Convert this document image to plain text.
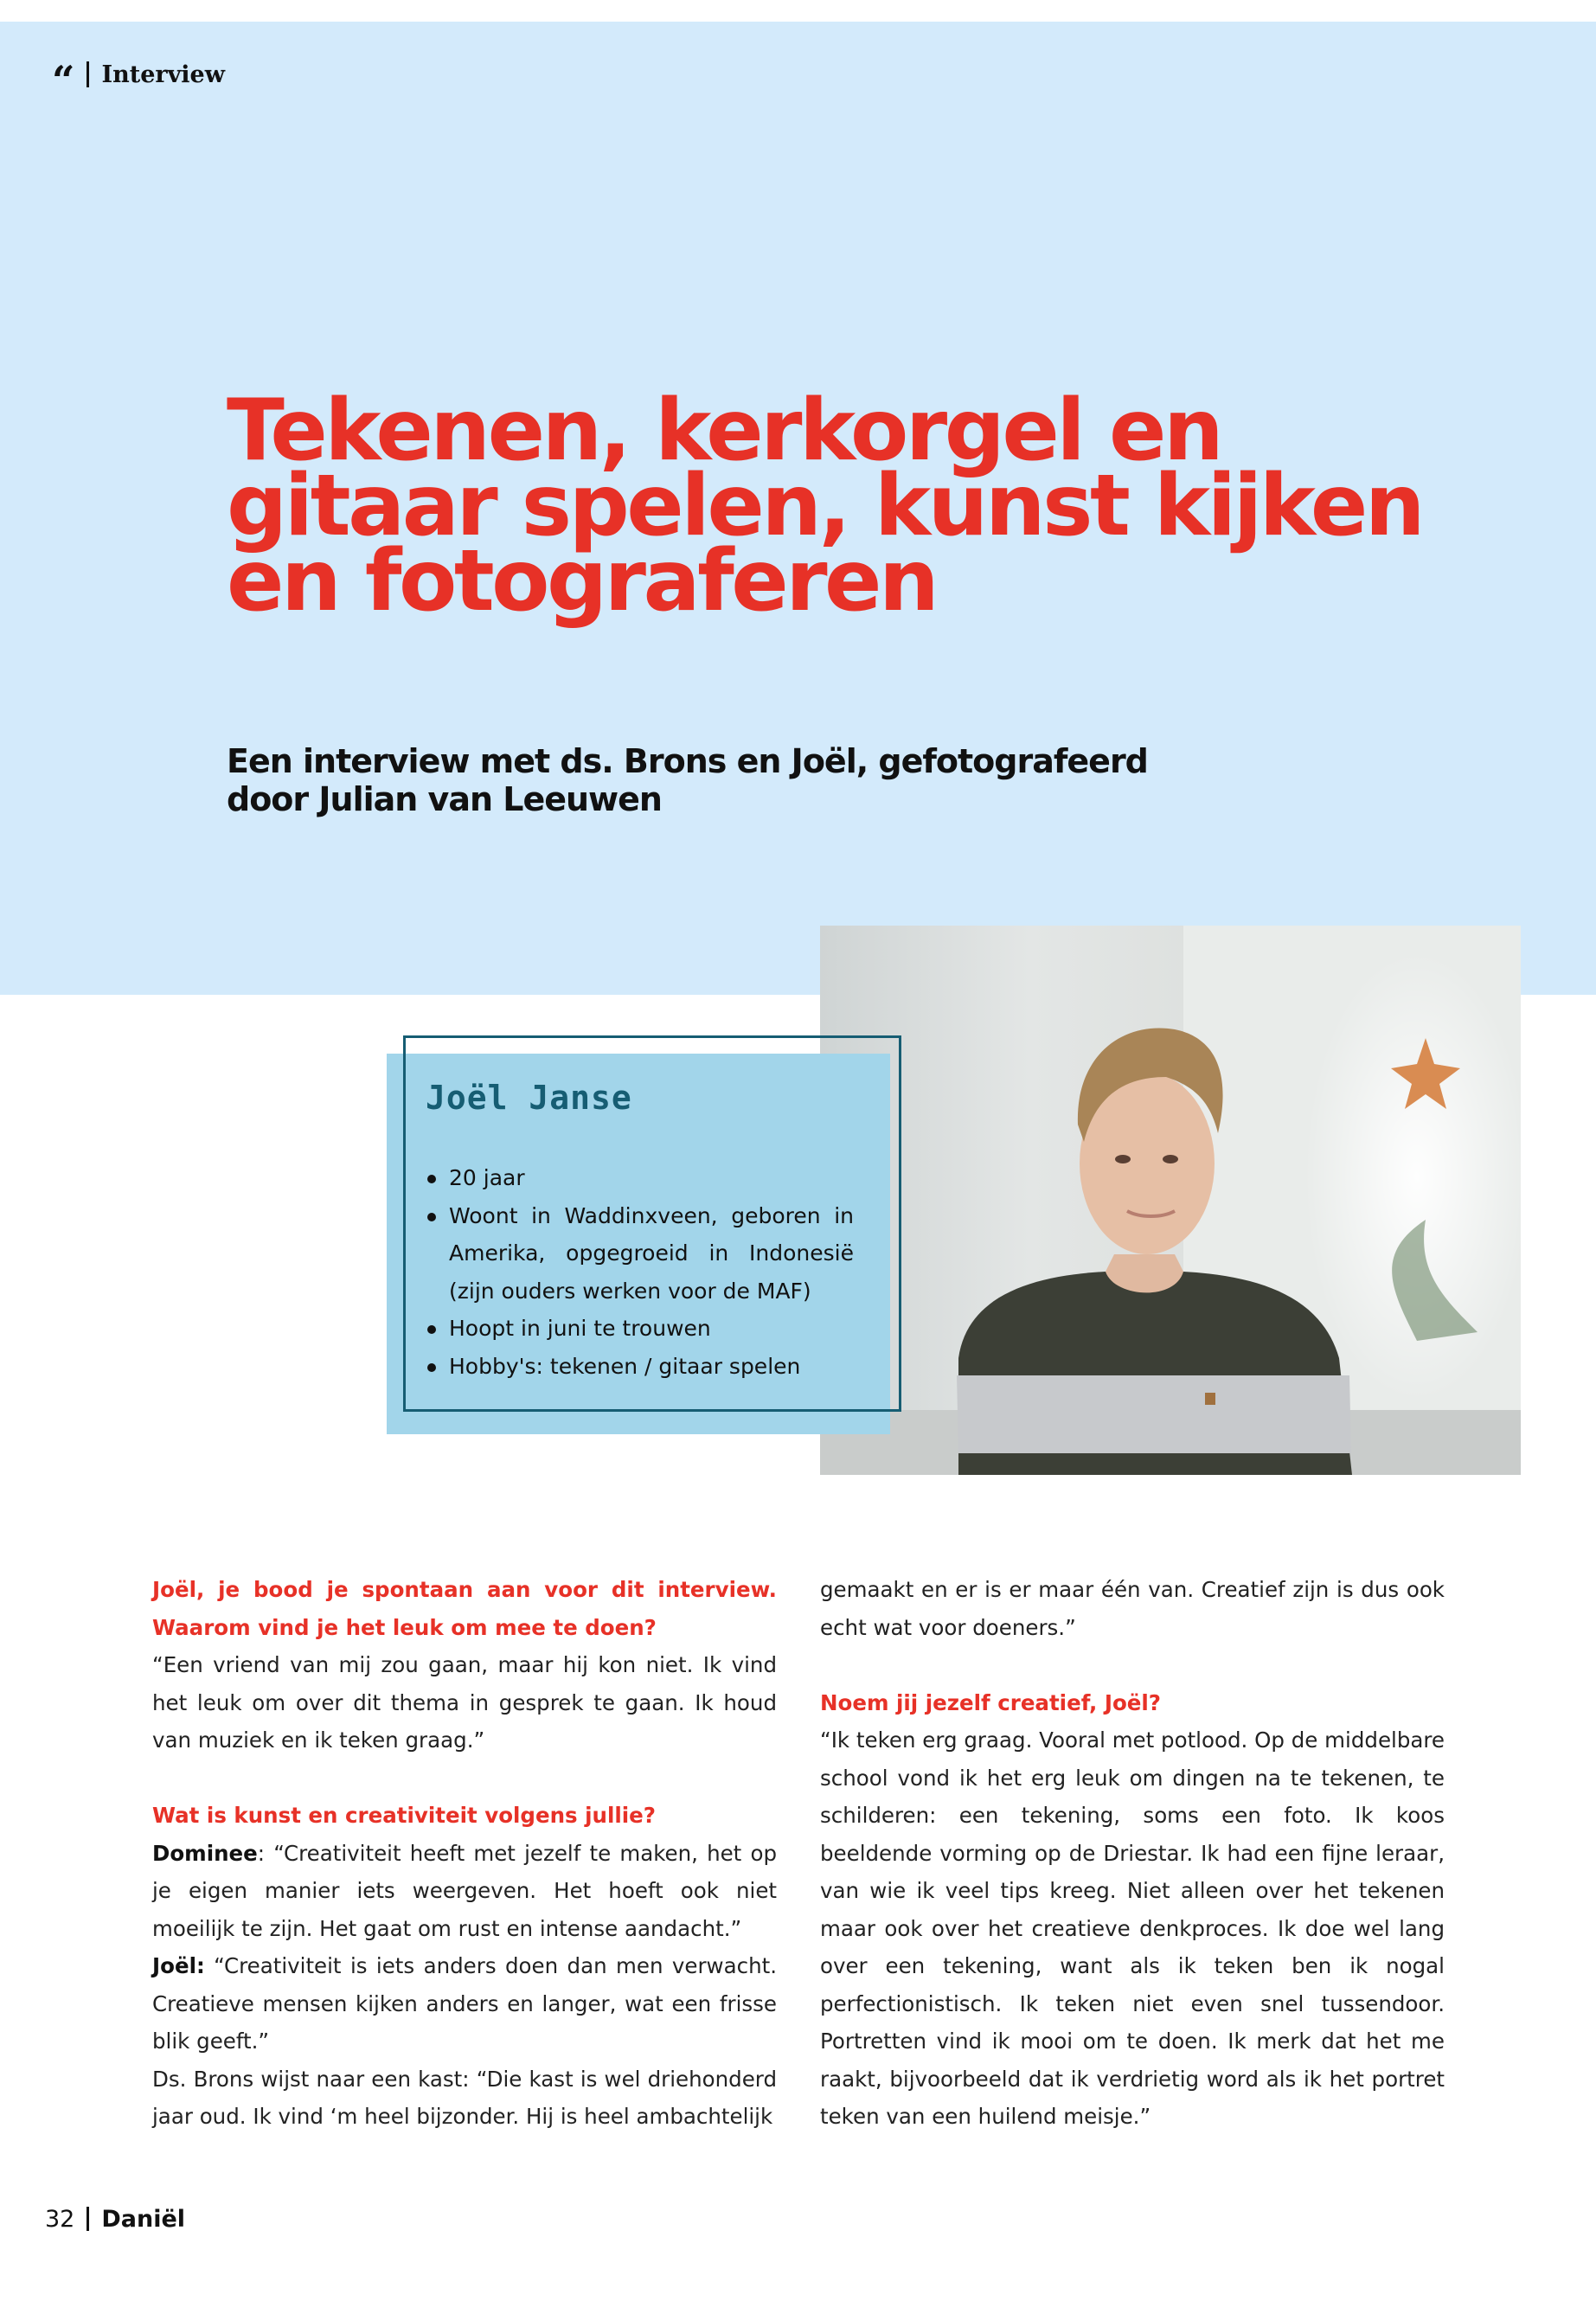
“ Interview
Tekenen, kerkorgel en
gitaar spelen, kunst kijken
en fotograferen
Een interview met ds. Brons en Joël, gefotografeerd
door Julian van Leeuwen
Joël Janse
20 jaar
Woont in Waddinxveen, geboren in Amerika, opgegroeid in Indonesië (zijn ouders werken voor de MAF)
Hoopt in juni te trouwen
Hobby's: tekenen / gitaar spelen

Joël, je bood je spontaan aan voor dit interview. Waarom vind je het leuk om mee te doen?

“Een vriend van mij zou gaan, maar hij kon niet. Ik vind het leuk om over dit thema in gesprek te gaan. Ik houd van muziek en ik teken graag.”

Wat is kunst en creativiteit volgens jullie?

Dominee: “Creativiteit heeft met jezelf te maken, het op je eigen manier iets weergeven. Het hoeft ook niet moeilijk te zijn. Het gaat om rust en intense aandacht.”

Joël: “Creativiteit is iets anders doen dan men verwacht. Creatieve mensen kijken anders en langer, wat een frisse blik geeft.”

Ds. Brons wijst naar een kast: “Die kast is wel driehonderd jaar oud. Ik vind ‘m heel bijzonder. Hij is heel ambachtelijk

gemaakt en er is er maar één van. Creatief zijn is dus ook echt wat voor doeners.”

Noem jij jezelf creatief, Joël?

“Ik teken erg graag. Vooral met potlood. Op de middelbare school vond ik het erg leuk om dingen na te tekenen, te schilderen: een tekening, soms een foto. Ik koos beeldende vorming op de Driestar. Ik had een fijne leraar, van wie ik veel tips kreeg. Niet alleen over het tekenen maar ook over het creatieve denkproces. Ik doe wel lang over een tekening, want als ik teken ben ik nogal perfectionistisch. Ik teken niet even snel tussendoor. Portretten vind ik mooi om te doen. Ik merk dat het me raakt, bijvoorbeeld dat ik verdrietig word als ik het portret teken van een huilend meisje.”

32 Daniël
